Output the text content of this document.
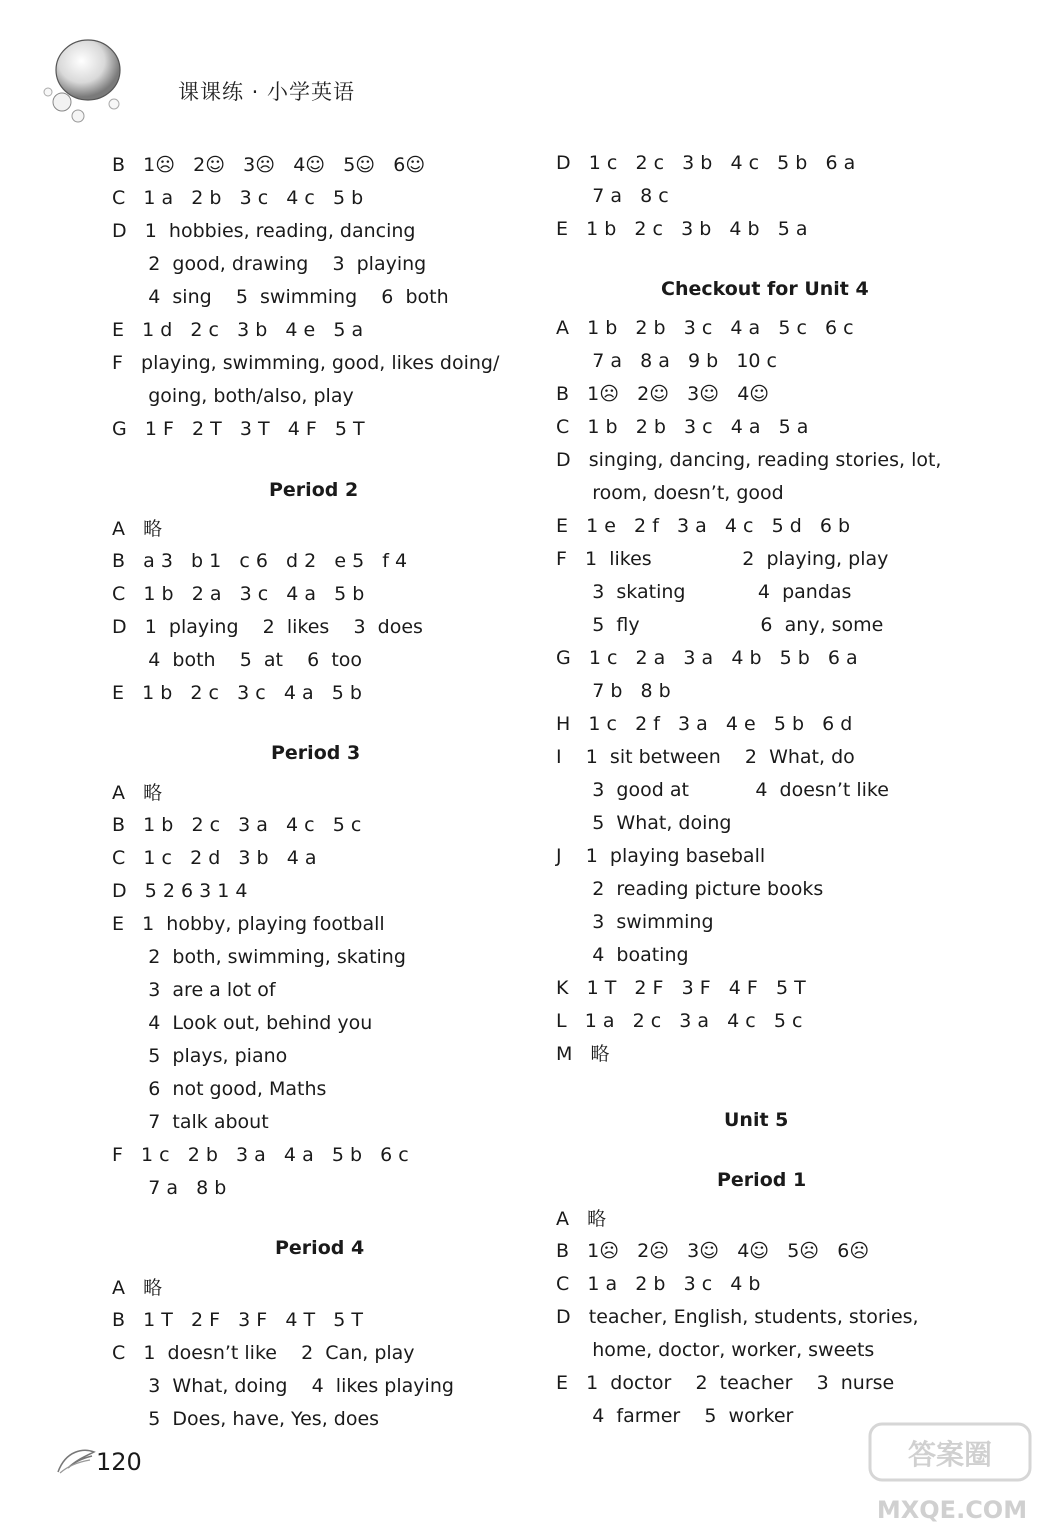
课课练 · 小学英语
B   1☹   2☺   3☹   4☺   5☺   6☺
C   1 a   2 b   3 c   4 c   5 b
D   1  hobbies, reading, dancing
2  good, drawing    3  playing
4  sing    5  swimming    6  both
E   1 d   2 c   3 b   4 e   5 a
F   playing, swimming, good, likes doing/
going, both/also, play
G   1 F   2 T   3 T   4 F   5 T
Period 2
A   略
B   a 3   b 1   c 6   d 2   e 5   f 4
C   1 b   2 a   3 c   4 a   5 b
D   1  playing    2  likes    3  does
4  both    5  at    6  too
E   1 b   2 c   3 c   4 a   5 b
Period 3
A   略
B   1 b   2 c   3 a   4 c   5 c
C   1 c   2 d   3 b   4 a
D   5 2 6 3 1 4
E   1  hobby, playing football
2  both, swimming, skating
3  are a lot of
4  Look out, behind you
5  plays, piano
6  not good, Maths
7  talk about
F   1 c   2 b   3 a   4 a   5 b   6 c
7 a   8 b
Period 4
A   略
B   1 T   2 F   3 F   4 T   5 T
C   1  doesn’t like    2  Can, play
3  What, doing    4  likes playing
5  Does, have, Yes, does
D   1 c   2 c   3 b   4 c   5 b   6 a
7 a   8 c
E   1 b   2 c   3 b   4 b   5 a
Checkout for Unit 4
A   1 b   2 b   3 c   4 a   5 c   6 c
7 a   8 a   9 b   10 c
B   1☹   2☺   3☺   4☺
C   1 b   2 b   3 c   4 a   5 a
D   singing, dancing, reading stories, lot,
room, doesn’t, good
E   1 e   2 f   3 a   4 c   5 d   6 b
F   1  likes               2  playing, play
3  skating            4  pandas
5  fly                    6  any, some
G   1 c   2 a   3 a   4 b   5 b   6 a
7 b   8 b
H   1 c   2 f   3 a   4 e   5 b   6 d
I    1  sit between    2  What, do
3  good at           4  doesn’t like
5  What, doing
J    1  playing baseball
2  reading picture books
3  swimming
4  boating
K   1 T   2 F   3 F   4 F   5 T
L   1 a   2 c   3 a   4 c   5 c
M   略
Unit 5
Period 1
A   略
B   1☹   2☹   3☺   4☺   5☹   6☹
C   1 a   2 b   3 c   4 b
D   teacher, English, students, stories,
home, doctor, worker, sweets
E   1  doctor    2  teacher    3  nurse
4  farmer    5  worker
120	答案圈
MXQE.COM
